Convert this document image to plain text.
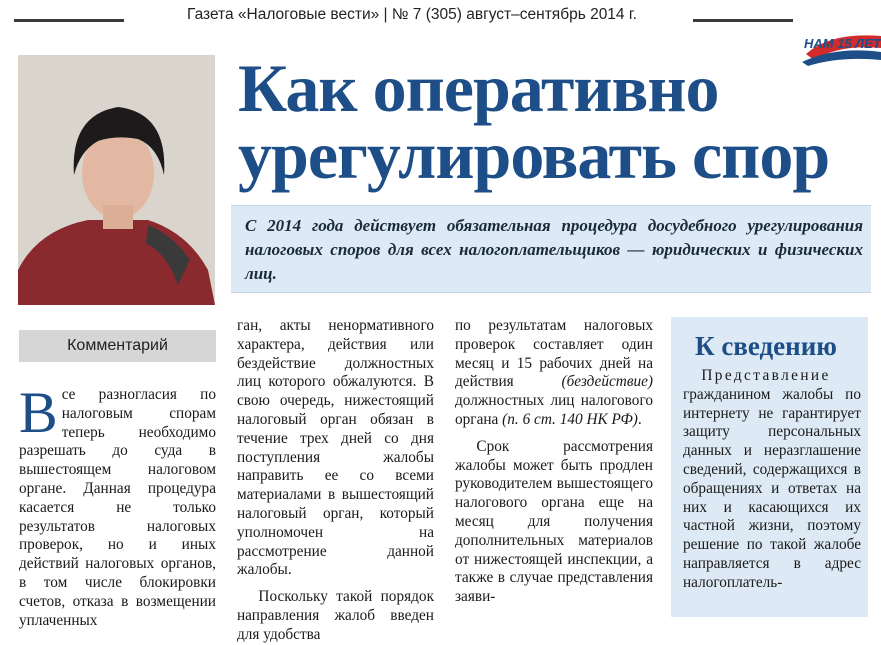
Газета «Налоговые вести» | № 7 (305) август–сентябрь 2014 г.
НАМ 15 ЛЕТ
Как оперативно
урегулировать спор

С 2014 года действует обязательная процедура досудебного урегулирования налоговых споров для всех налогоплательщиков — юридических и физических лиц.

Комментарий
Все разногласия по налоговым спорам теперь необходимо разрешать до суда в вышестоящем налоговом органе. Данная процедура касается не только результатов налоговых проверок, но и иных действий налоговых органов, в том числе блокировки счетов, отказа в возмещении уплаченных

ган, акты ненормативного характера, действия или бездействие должностных лиц которого обжалуются. В свою очередь, нижестоящий налоговый орган обязан в течение трех дней со дня поступления жалобы направить ее со всеми материалами в вышестоящий налоговый орган, который уполномочен на рассмотрение данной жалобы.

Поскольку такой порядок направления жалоб введен для удобства

по результатам налоговых проверок составляет один месяц и 15 рабочих дней на действия (бездействие) должностных лиц налогового органа (п. 6 ст. 140 НК РФ).

Срок рассмотрения жалобы может быть продлен руководителем вышестоящего налогового органа еще на месяц для получения дополнительных материалов от нижестоящей инспекции, а также в случае представления заяви-

К сведению

Представление гражданином жалобы по интернету не гарантирует защиту персональных данных и неразглашение сведений, содержащихся в обращениях и ответах на них и касающихся их частной жизни, поэтому решение по такой жалобе направляется в адрес налогоплатель-
